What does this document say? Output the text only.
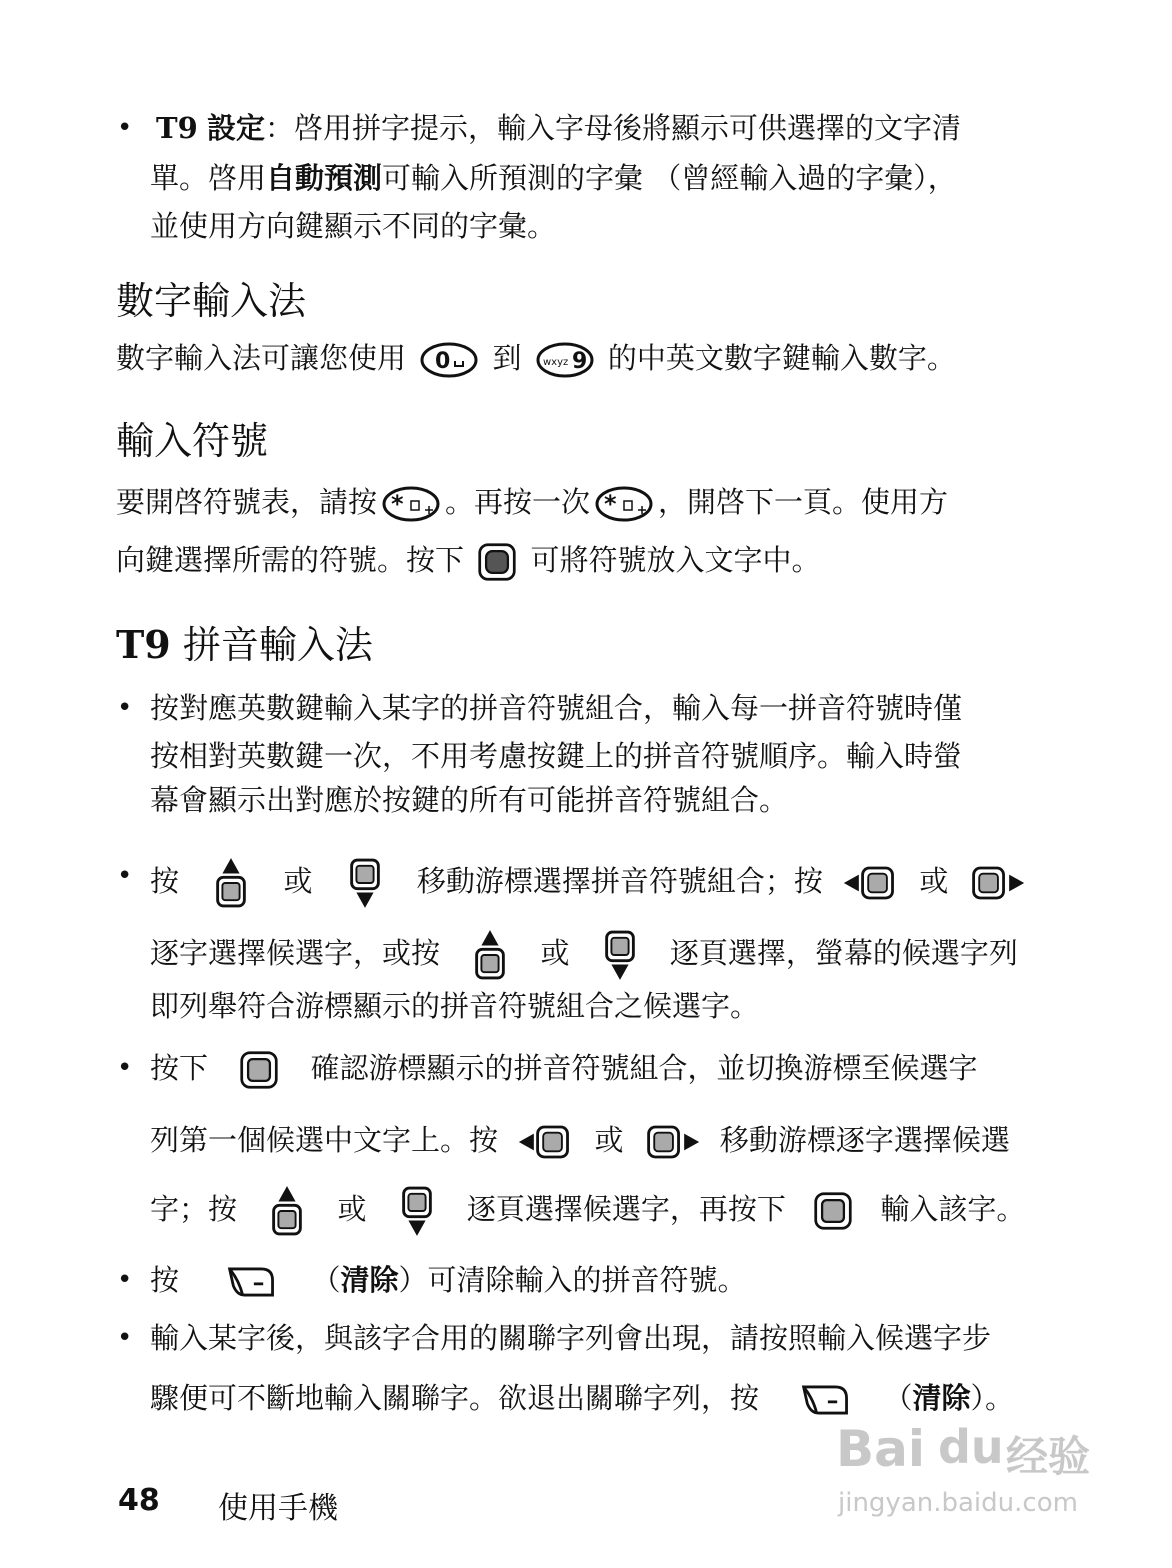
• T9 設定：啓用拼字提示，輸入字母後將顯示可供選擇的文字清
單。啓用自動預測可輸入所預測的字彙 （曾經輸入過的字彙），
並使用方向鍵顯示不同的字彙。
數字輸入法
數字輸入法可讓您使用 0 到 wxyz 9 的中英文數字鍵輸入數字。
輸入符號
要開啓符號表，請按 * 。再按一次 * ，開啓下一頁。使用方
向鍵選擇所需的符號。按下 可將符號放入文字中。
T9 拼音輸入法
• 按對應英數鍵輸入某字的拼音符號組合，輸入每一拼音符號時僅
按相對英數鍵一次，不用考慮按鍵上的拼音符號順序。輸入時螢
幕會顯示出對應於按鍵的所有可能拼音符號組合。
• 按	或	移動游標選擇拼音符號組合；按	或
逐字選擇候選字，或按	或	逐頁選擇，螢幕的候選字列
即列舉符合游標顯示的拼音符號組合之候選字。
• 按下	確認游標顯示的拼音符號組合，並切換游標至候選字
列第一個候選中文字上。按	或	移動游標逐字選擇候選
字；按	或	逐頁選擇候選字，再按下	輸入該字。
• 按	（清除）可清除輸入的拼音符號。
• 輸入某字後，與該字合用的關聯字列會出現，請按照輸入候選字步
驟便可不斷地輸入關聯字。欲退出關聯字列，按	（清除）。
48 使用手機
Bai du 经验
jingyan.baidu.com
